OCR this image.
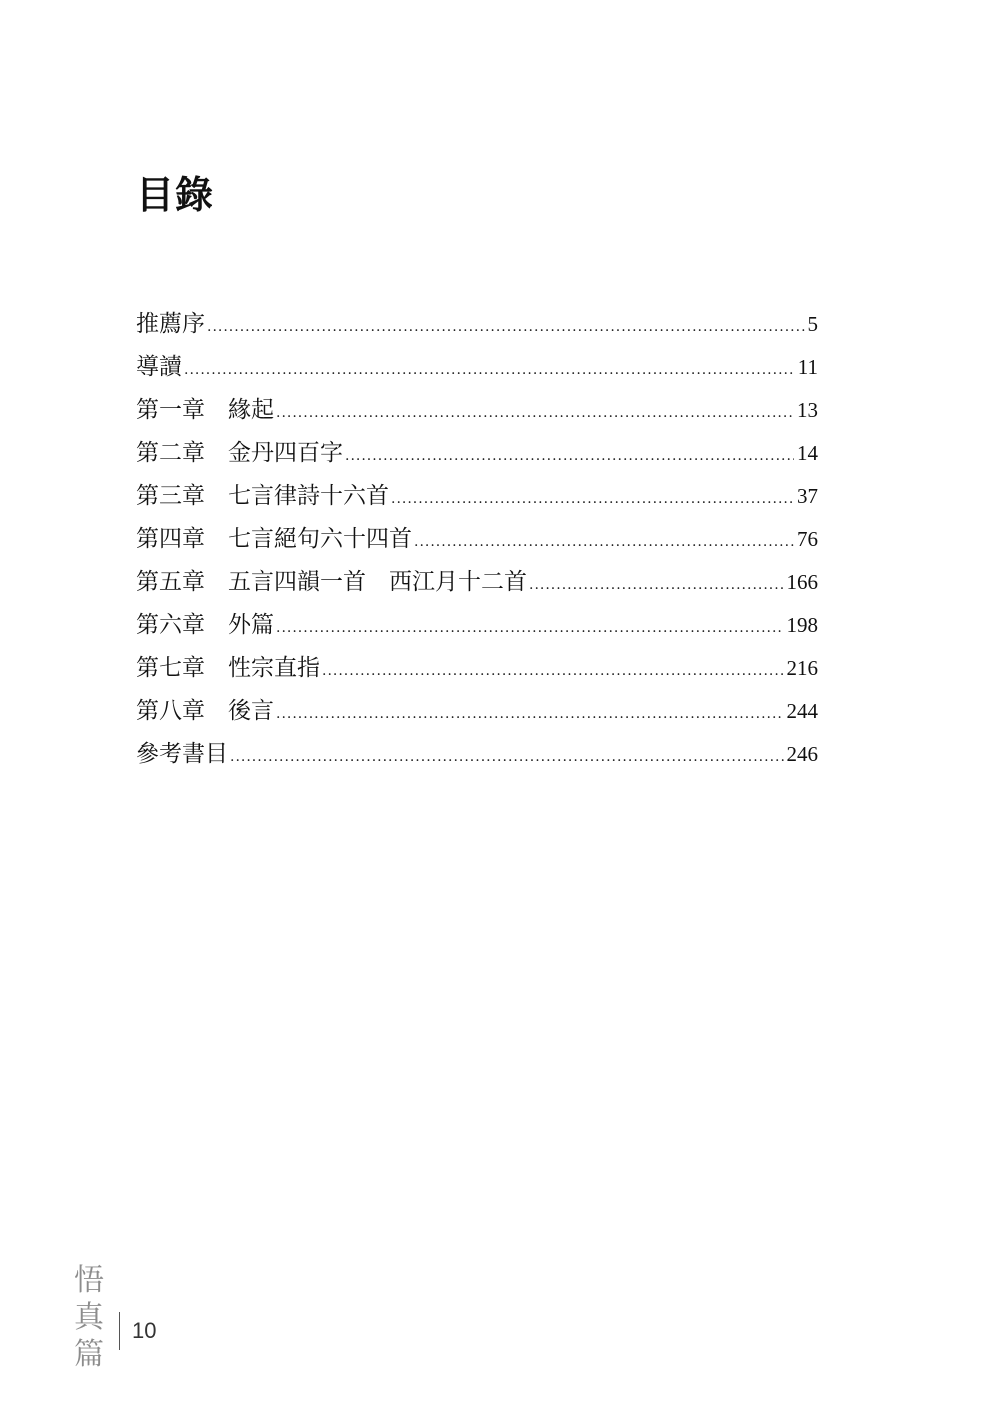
目錄
推薦序 .....	5
導讀 .....	11
第一章　緣起 .....	13
第二章　金丹四百字 .....	14
第三章　七言律詩十六首 .....	37
第四章　七言絕句六十四首 .....	76
第五章　五言四韻一首　西江月十二首 .....	166
第六章　外篇 .....	198
第七章　性宗直指 .....	216
第八章　後言 .....	244
參考書目 .....	246
悟
真
篇
10
